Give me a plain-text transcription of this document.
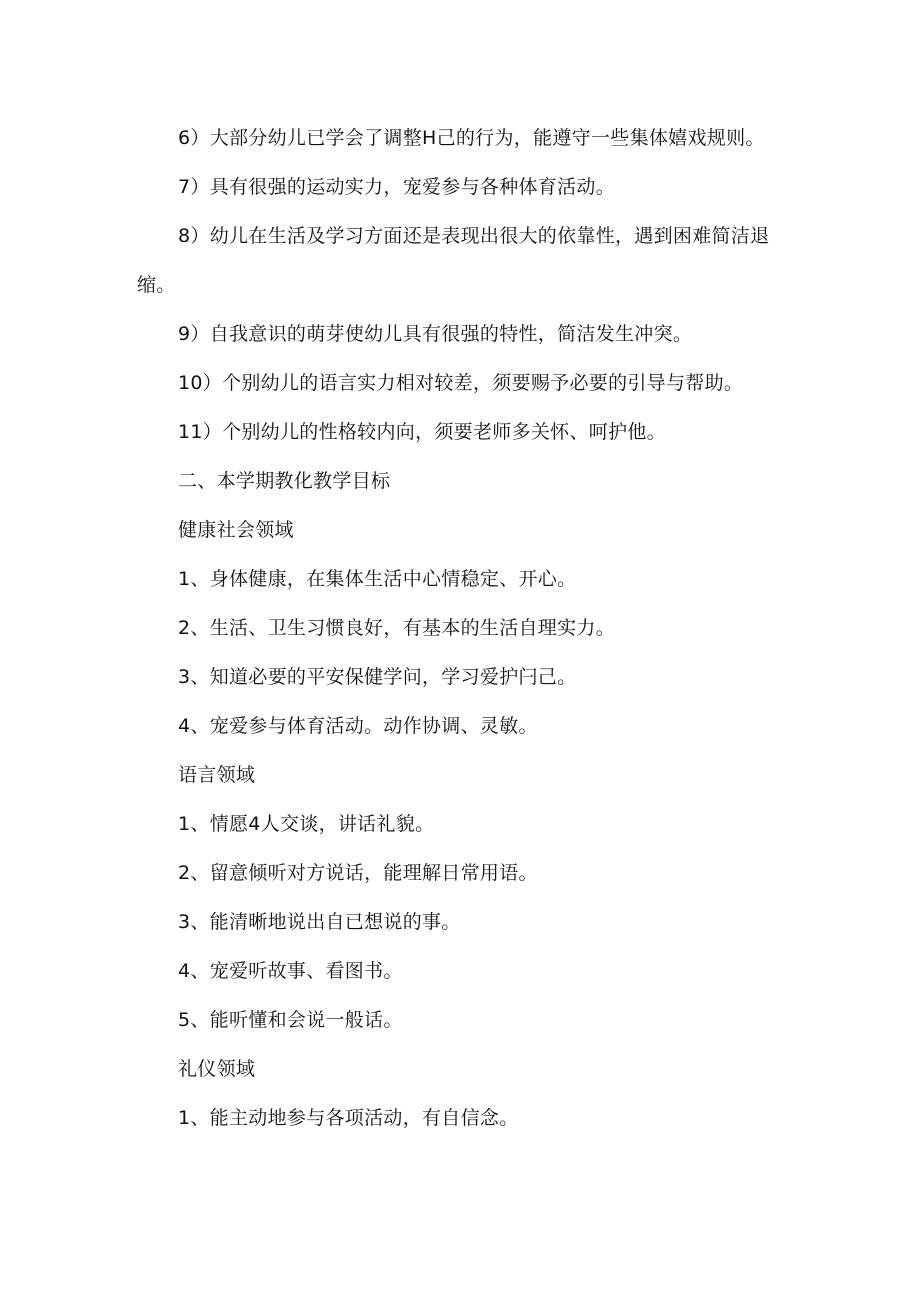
6）大部分幼儿已学会了调整H己的行为，能遵守一些集体嬉戏规则。
7）具有很强的运动实力，宠爱参与各种体育活动。
8）幼儿在生活及学习方面还是表现出很大的依靠性，遇到困难简洁退
缩。
9）自我意识的萌芽使幼儿具有很强的特性，简洁发生冲突。
10）个别幼儿的语言实力相对较差，须要赐予必要的引导与帮助。
11）个别幼儿的性格较内向，须要老师多关怀、呵护他。
二、本学期教化教学目标
健康社会领域
1、身体健康，在集体生活中心情稳定、开心。
2、生活、卫生习惯良好，有基本的生活自理实力。
3、知道必要的平安保健学问，学习爱护闩己。
4、宠爱参与体育活动。动作协调、灵敏。
语言领域
1、情愿4人交谈，讲话礼貌。
2、留意倾听对方说话，能理解日常用语。
3、能清晰地说出自已想说的事。
4、宠爱听故事、看图书。
5、能听懂和会说一般话。
礼仪领域
1、能主动地参与各项活动，有自信念。
